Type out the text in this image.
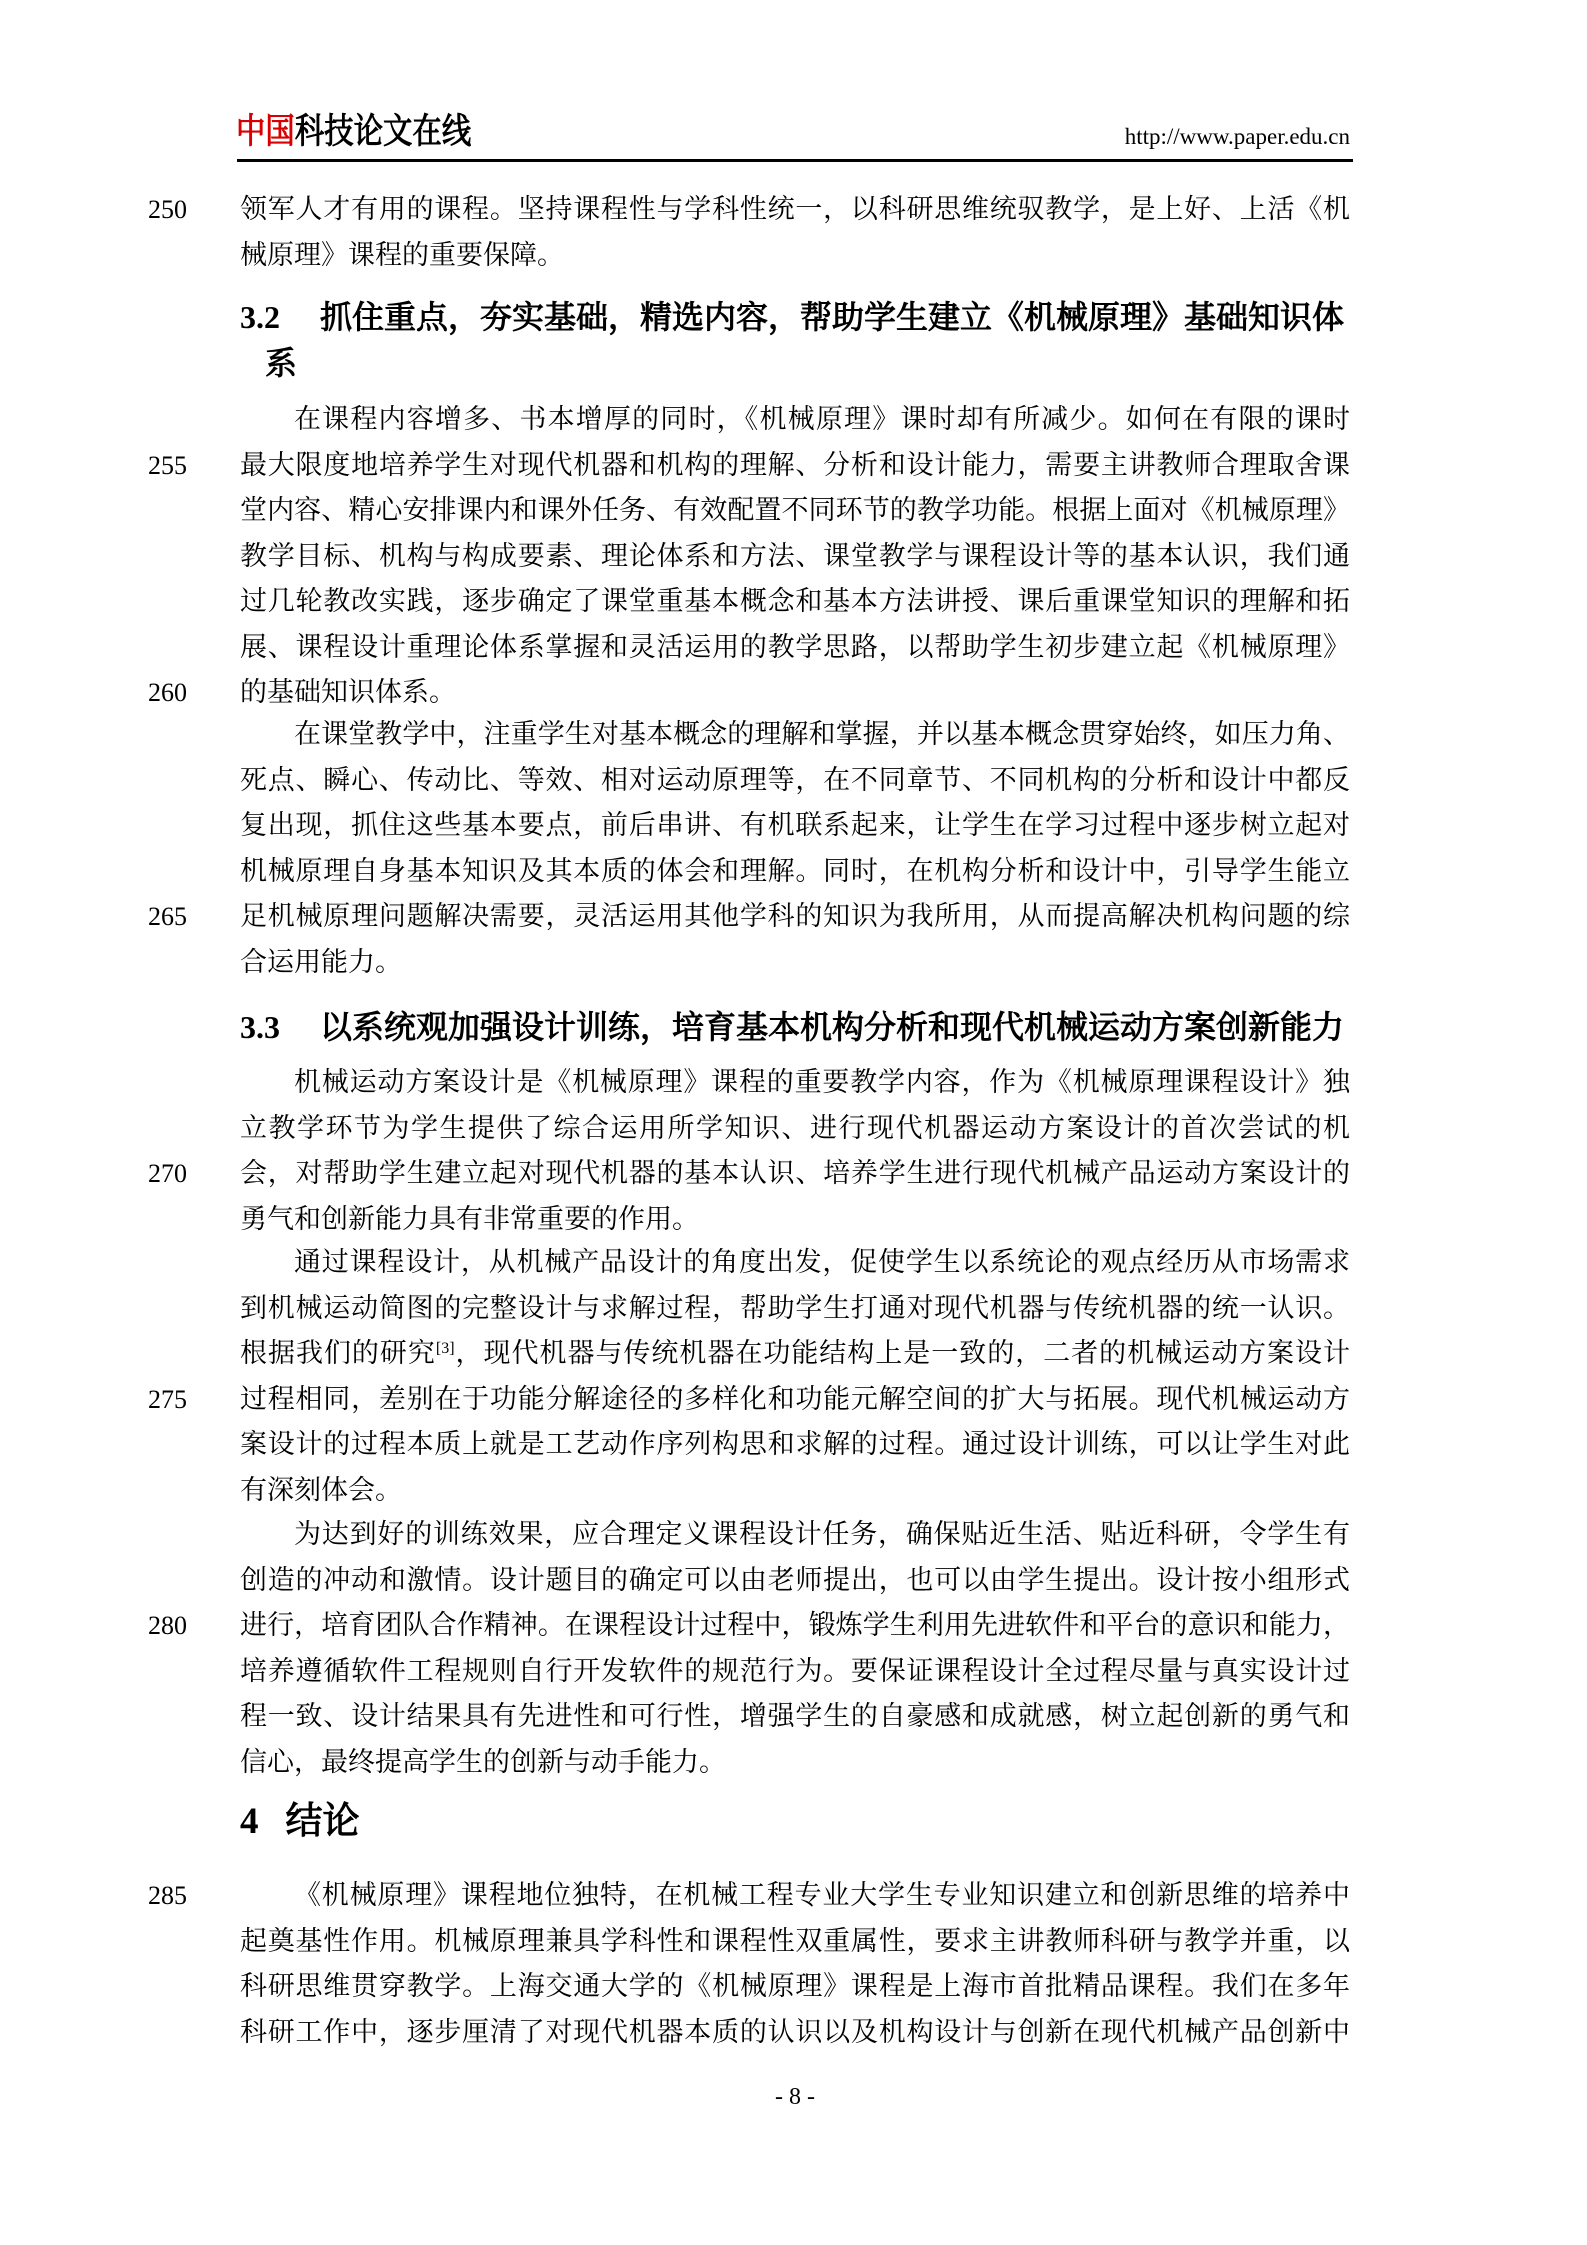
中国科技论文在线	http://www.paper.edu.cn
250	领军人才有用的课程。坚持课程性与学科性统一，以科研思维统驭教学，是上好、上活《机
械原理》课程的重要保障。
3.2 抓住重点，夯实基础，精选内容，帮助学生建立《机械原理》基础知识体
系
在课程内容增多、书本增厚的同时，《机械原理》课时却有所减少。如何在有限的课时
255	最大限度地培养学生对现代机器和机构的理解、分析和设计能力，需要主讲教师合理取舍课
堂内容、精心安排课内和课外任务、有效配置不同环节的教学功能。根据上面对《机械原理》
教学目标、机构与构成要素、理论体系和方法、课堂教学与课程设计等的基本认识，我们通
过几轮教改实践，逐步确定了课堂重基本概念和基本方法讲授、课后重课堂知识的理解和拓
展、课程设计重理论体系掌握和灵活运用的教学思路，以帮助学生初步建立起《机械原理》
260	的基础知识体系。
在课堂教学中，注重学生对基本概念的理解和掌握，并以基本概念贯穿始终，如压力角、
死点、瞬心、传动比、等效、相对运动原理等，在不同章节、不同机构的分析和设计中都反
复出现，抓住这些基本要点，前后串讲、有机联系起来，让学生在学习过程中逐步树立起对
机械原理自身基本知识及其本质的体会和理解。同时，在机构分析和设计中，引导学生能立
265	足机械原理问题解决需要，灵活运用其他学科的知识为我所用，从而提高解决机构问题的综
合运用能力。
3.3 以系统观加强设计训练，培育基本机构分析和现代机械运动方案创新能力
机械运动方案设计是《机械原理》课程的重要教学内容，作为《机械原理课程设计》独
立教学环节为学生提供了综合运用所学知识、进行现代机器运动方案设计的首次尝试的机
270	会，对帮助学生建立起对现代机器的基本认识、培养学生进行现代机械产品运动方案设计的
勇气和创新能力具有非常重要的作用。
通过课程设计，从机械产品设计的角度出发，促使学生以系统论的观点经历从市场需求
到机械运动简图的完整设计与求解过程，帮助学生打通对现代机器与传统机器的统一认识。
根据我们的研究[3]，现代机器与传统机器在功能结构上是一致的，二者的机械运动方案设计
275	过程相同，差别在于功能分解途径的多样化和功能元解空间的扩大与拓展。现代机械运动方
案设计的过程本质上就是工艺动作序列构思和求解的过程。通过设计训练，可以让学生对此
有深刻体会。
为达到好的训练效果，应合理定义课程设计任务，确保贴近生活、贴近科研，令学生有
创造的冲动和激情。设计题目的确定可以由老师提出，也可以由学生提出。设计按小组形式
280	进行，培育团队合作精神。在课程设计过程中，锻炼学生利用先进软件和平台的意识和能力，
培养遵循软件工程规则自行开发软件的规范行为。要保证课程设计全过程尽量与真实设计过
程一致、设计结果具有先进性和可行性，增强学生的自豪感和成就感，树立起创新的勇气和
信心，最终提高学生的创新与动手能力。
4 结论
285	《机械原理》课程地位独特，在机械工程专业大学生专业知识建立和创新思维的培养中
起奠基性作用。机械原理兼具学科性和课程性双重属性，要求主讲教师科研与教学并重，以
科研思维贯穿教学。上海交通大学的《机械原理》课程是上海市首批精品课程。我们在多年
科研工作中，逐步厘清了对现代机器本质的认识以及机构设计与创新在现代机械产品创新中
- 8 -
